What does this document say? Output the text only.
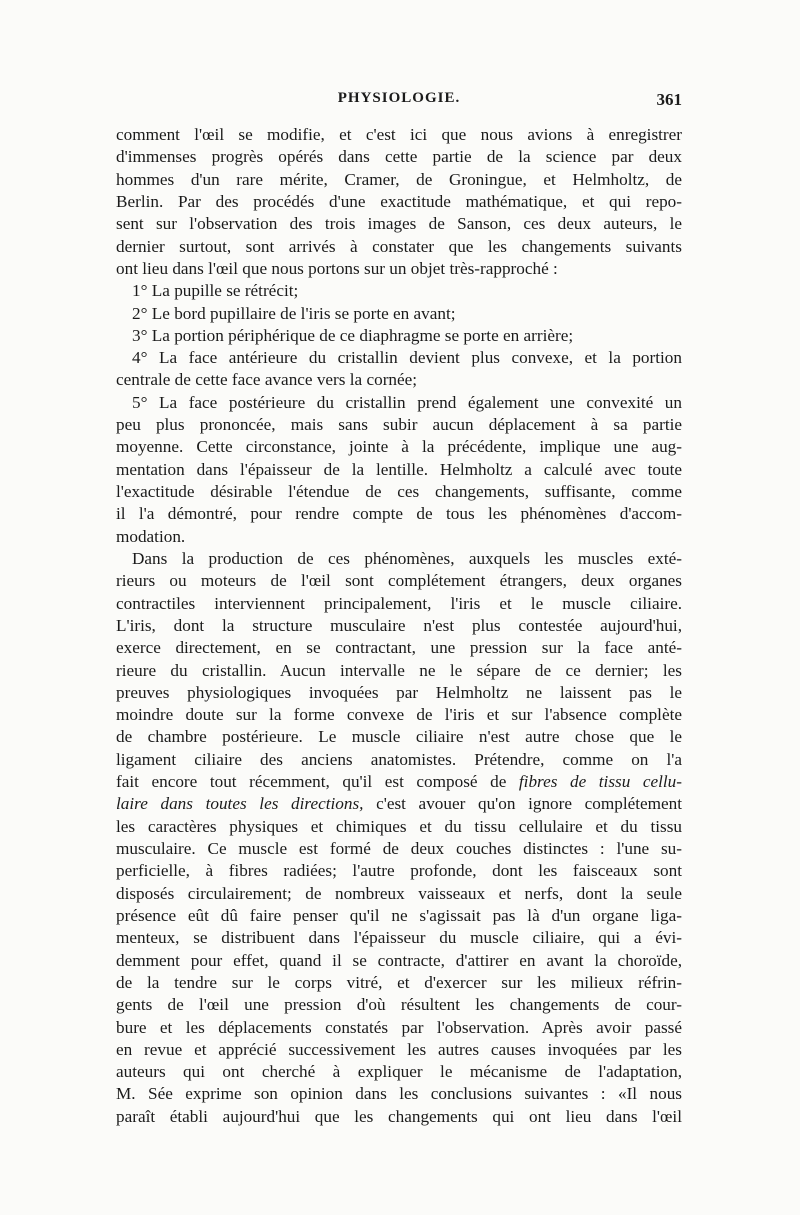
PHYSIOLOGIE.	361
comment l'œil se modifie, et c'est ici que nous avions à enregistrer
d'immenses progrès opérés dans cette partie de la science par deux
hommes d'un rare mérite, Cramer, de Groningue, et Helmholtz, de
Berlin. Par des procédés d'une exactitude mathématique, et qui repo-
sent sur l'observation des trois images de Sanson, ces deux auteurs, le
dernier surtout, sont arrivés à constater que les changements suivants
ont lieu dans l'œil que nous portons sur un objet très-rapproché :
1° La pupille se rétrécit;
2° Le bord pupillaire de l'iris se porte en avant;
3° La portion périphérique de ce diaphragme se porte en arrière;
4° La face antérieure du cristallin devient plus convexe, et la portion
centrale de cette face avance vers la cornée;
5° La face postérieure du cristallin prend également une convexité un
peu plus prononcée, mais sans subir aucun déplacement à sa partie
moyenne. Cette circonstance, jointe à la précédente, implique une aug-
mentation dans l'épaisseur de la lentille. Helmholtz a calculé avec toute
l'exactitude désirable l'étendue de ces changements, suffisante, comme
il l'a démontré, pour rendre compte de tous les phénomènes d'accom-
modation.
Dans la production de ces phénomènes, auxquels les muscles exté-
rieurs ou moteurs de l'œil sont complétement étrangers, deux organes
contractiles interviennent principalement, l'iris et le muscle ciliaire.
L'iris, dont la structure musculaire n'est plus contestée aujourd'hui,
exerce directement, en se contractant, une pression sur la face anté-
rieure du cristallin. Aucun intervalle ne le sépare de ce dernier; les
preuves physiologiques invoquées par Helmholtz ne laissent pas le
moindre doute sur la forme convexe de l'iris et sur l'absence complète
de chambre postérieure. Le muscle ciliaire n'est autre chose que le
ligament ciliaire des anciens anatomistes. Prétendre, comme on l'a
fait encore tout récemment, qu'il est composé de fibres de tissu cellu-
laire dans toutes les directions, c'est avouer qu'on ignore complétement
les caractères physiques et chimiques et du tissu cellulaire et du tissu
musculaire. Ce muscle est formé de deux couches distinctes : l'une su-
perficielle, à fibres radiées; l'autre profonde, dont les faisceaux sont
disposés circulairement; de nombreux vaisseaux et nerfs, dont la seule
présence eût dû faire penser qu'il ne s'agissait pas là d'un organe liga-
menteux, se distribuent dans l'épaisseur du muscle ciliaire, qui a évi-
demment pour effet, quand il se contracte, d'attirer en avant la choroïde,
de la tendre sur le corps vitré, et d'exercer sur les milieux réfrin-
gents de l'œil une pression d'où résultent les changements de cour-
bure et les déplacements constatés par l'observation. Après avoir passé
en revue et apprécié successivement les autres causes invoquées par les
auteurs qui ont cherché à expliquer le mécanisme de l'adaptation,
M. Sée exprime son opinion dans les conclusions suivantes : «Il nous
paraît établi aujourd'hui que les changements qui ont lieu dans l'œil
